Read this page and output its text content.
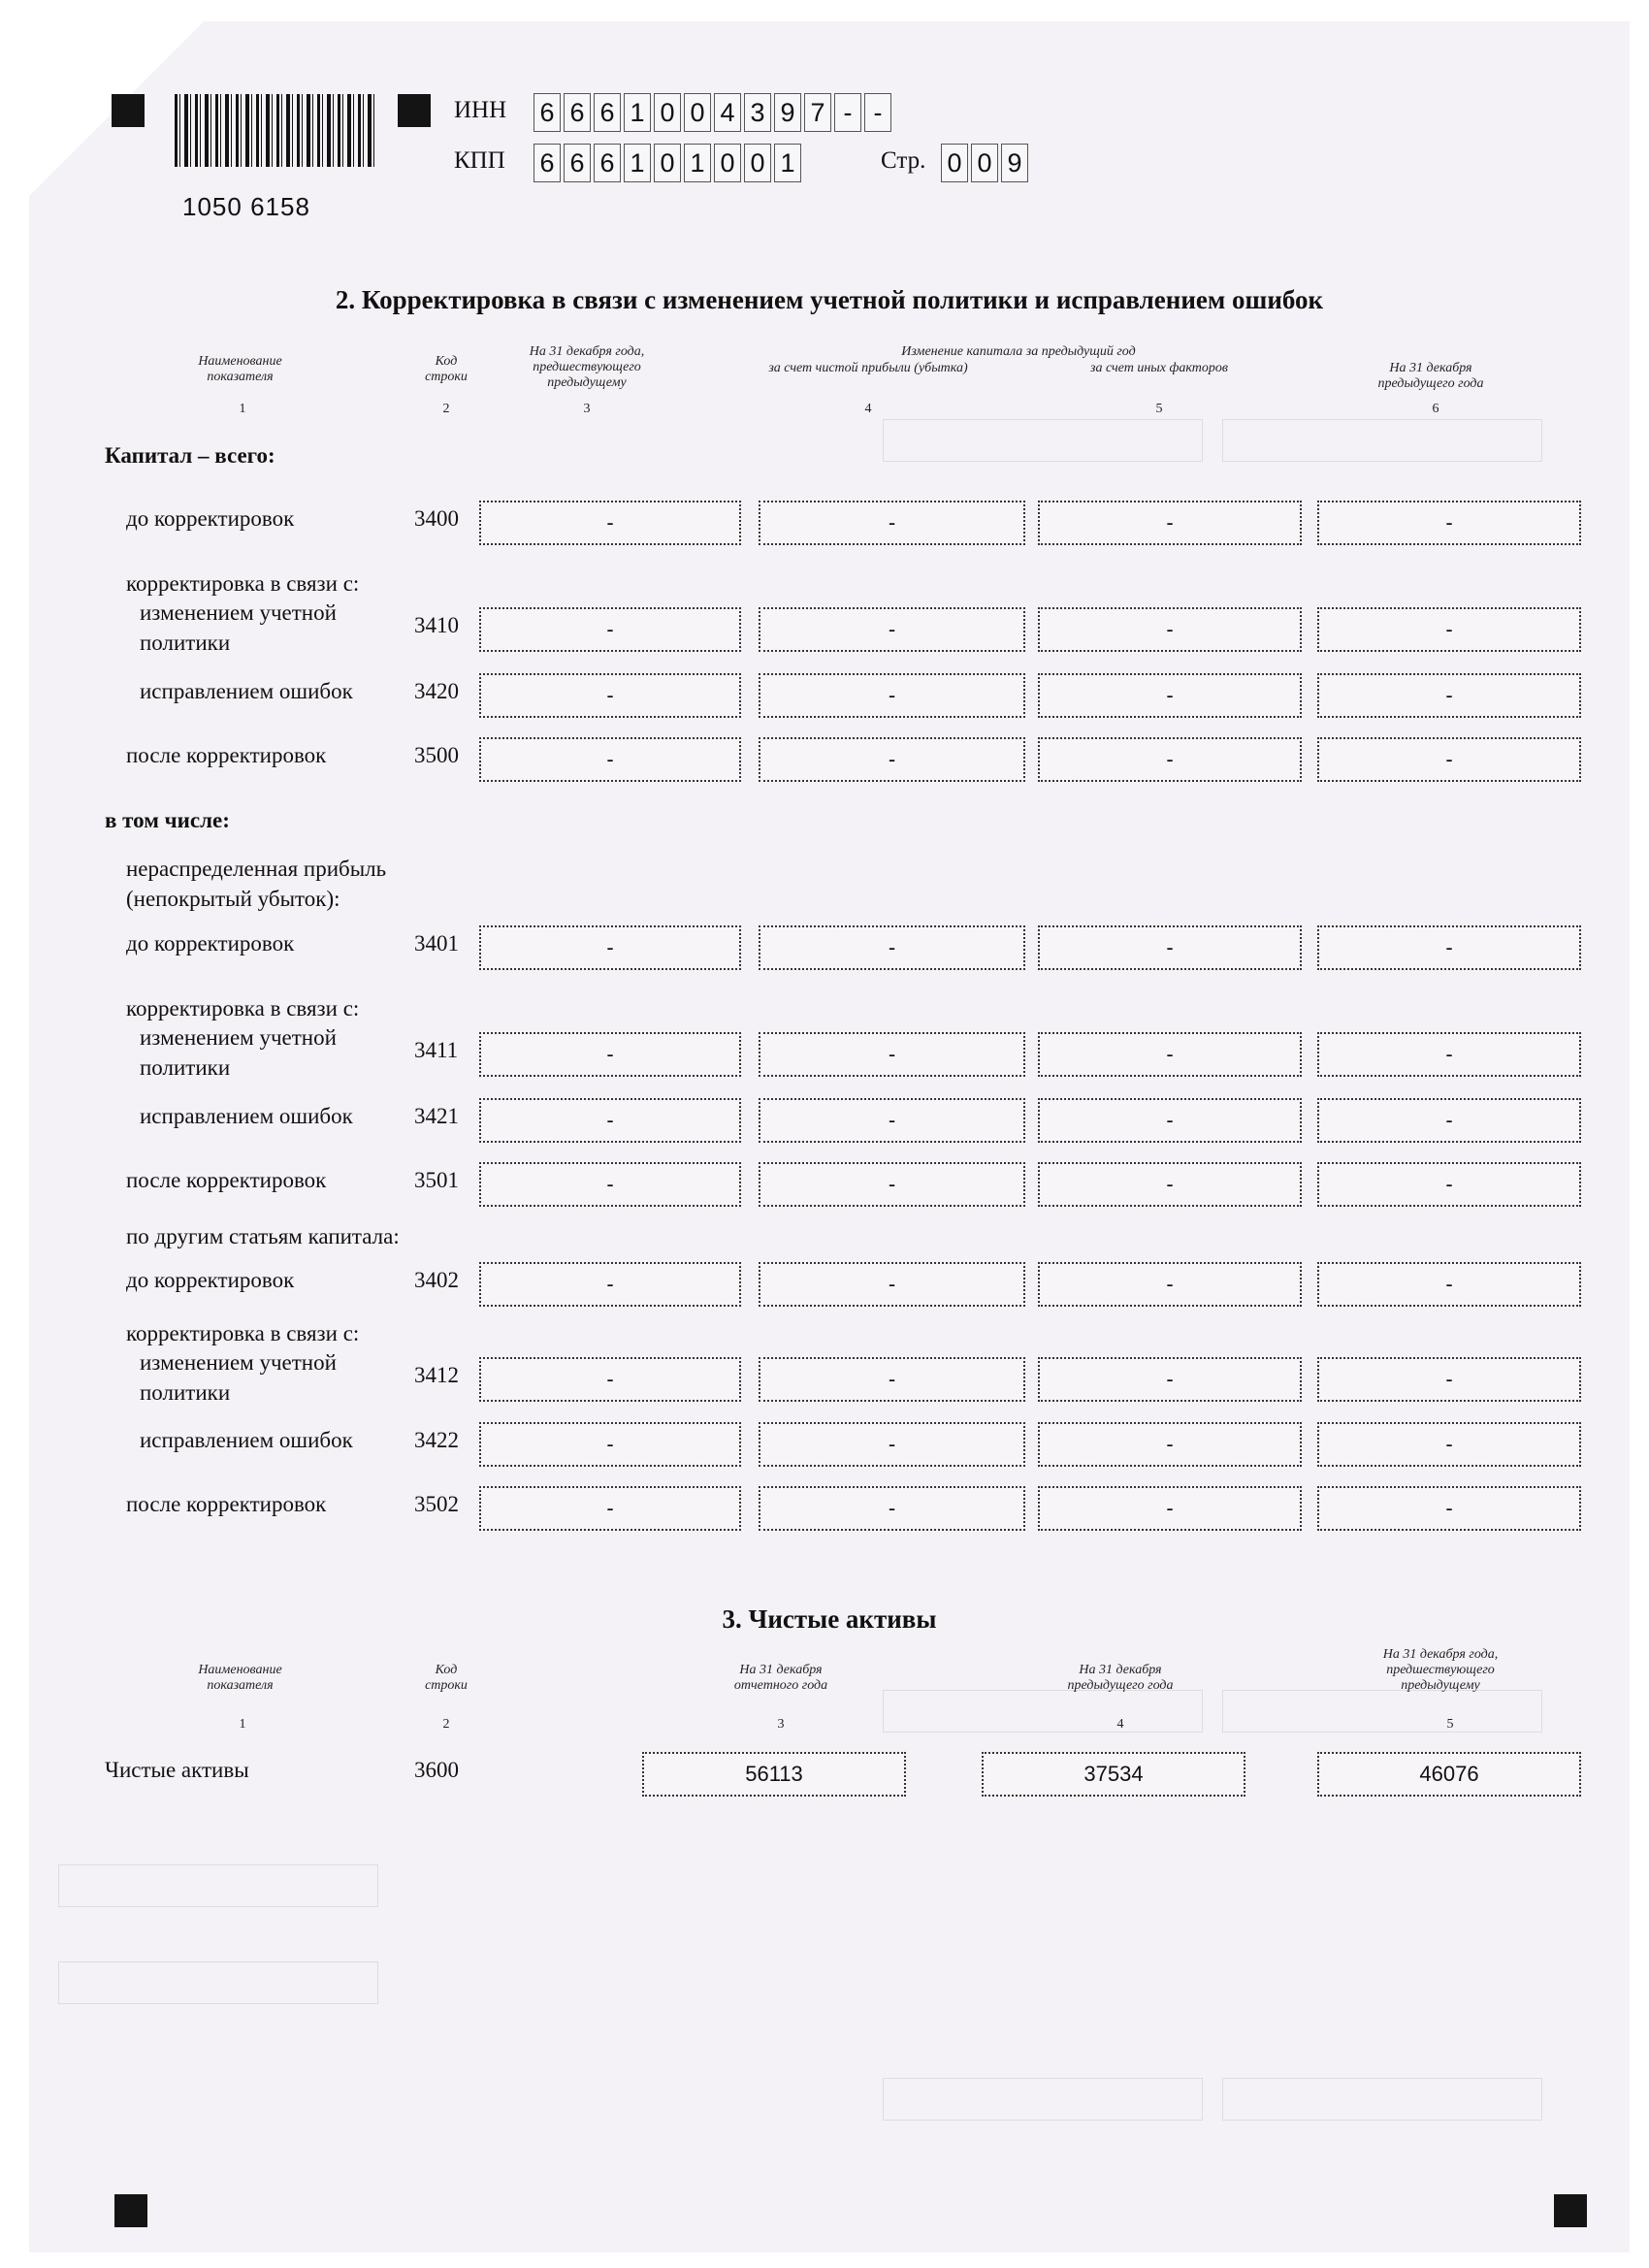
1050 6158
ИНН 6 6 6 1 0 0 4 3 9 7 - -
КПП 6 6 6 1 0 1 0 0 1	Стр. 0 0 9
2. Корректировка в связи с изменением учетной политики и исправлением ошибок
Наименование показателя
Код строки
На 31 декабря года, предшествующего предыдущему
Изменение капитала за предыдущий год
за счет чистой прибыли (убытка)	за счет иных факторов	На 31 декабря предыдущего года
1	2	3	4	5	6
Капитал – всего:
до корректировок	3400	-	-	-	-
корректировка в связи с:
изменением учетной политики
3410	-	-	-	-
исправлением ошибок	3420	-	-	-	-
после корректировок	3500	-	-	-	-
в том числе:
нераспределенная прибыль (непокрытый убыток):
до корректировок	3401	-	-	-	-
корректировка в связи с:
изменением учетной политики
3411	-	-	-	-
исправлением ошибок	3421	-	-	-	-
после корректировок	3501	-	-	-	-
по другим статьям капитала:
до корректировок	3402	-	-	-	-
корректировка в связи с:
изменением учетной политики
3412	-	-	-	-
исправлением ошибок	3422	-	-	-	-
после корректировок	3502	-	-	-	-
3. Чистые активы
Наименование показателя
Код строки
На 31 декабря отчетного года
На 31 декабря предыдущего года
На 31 декабря года, предшествующего предыдущему
1	2	3	4	5
Чистые активы	3600	56113	37534	46076
